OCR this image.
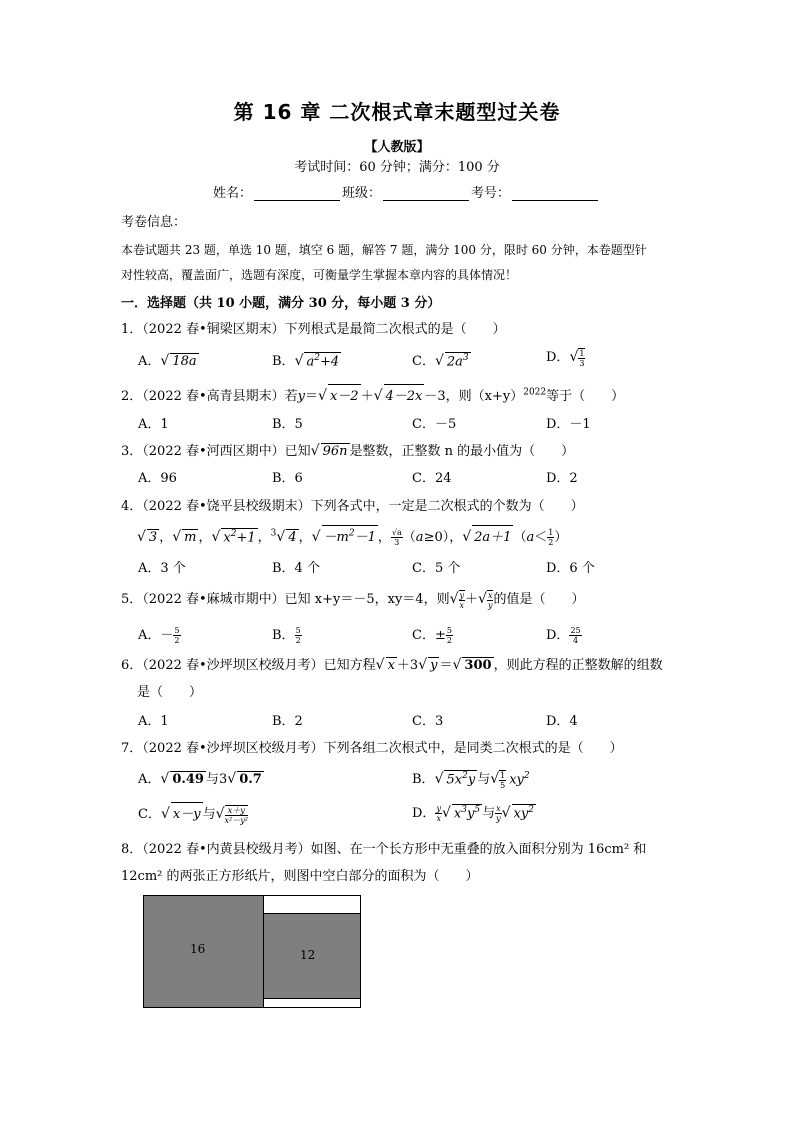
第 16 章 二次根式章末题型过关卷
【人教版】
考试时间：60 分钟；满分：100 分
姓名：	班级：	考号：
考卷信息：
本卷试题共 23 题，单选 10 题，填空 6 题，解答 7 题，满分 100 分，限时 60 分钟，本卷题型针
对性较高，覆盖面广，选题有深度，可衡量学生掌握本章内容的具体情况！
一．选择题（共 10 小题，满分 30 分，每小题 3 分）
1．（2022 春•铜梁区期末）下列根式是最简二次根式的是（　　）
A．√ 18a	B．√ $a^2+4$	C．√ $2a^3$	D．√ $\frac{1}{3}$
2．（2022 春•高青县期末）若y＝√ x－2 ＋√ 4－2x －3，则$(x+y)^{2022}$等于（　　）
A．1	B．5	C．－5	D．－1
3．（2022 春•河西区期中）已知√ 96n 是整数，正整数 n 的最小值为（　　）
A．96	B．6	C．24	D．2
4．（2022 春•饶平县校级期末）下列各式中，一定是二次根式的个数为（　　）
√ 3 ，√ m ，√ $x^2+1$ ，$^3$√ 4 ，√ $-m^2-1$ ， $\frac{√a}{3} (a\ge 0)$，√ 2a＋1 （$a< \frac{1}{2}$ ）
A．3 个	B．4 个	C．5 个	D．6 个
5．（2022 春•麻城市期中）已知 x+y＝－5，xy＝4，则√ $\frac{y}{x}$ ＋√ $\frac{x}{y}$ 的值是（　　）
A．－ $\frac{5}{2}$	B． $\frac{5}{2}$	C．± $\frac{5}{2}$	D． $\frac{25}{4}$
6．（2022 春•沙坪坝区校级月考）已知方程√ x ＋3√ y ＝√ 300 ，则此方程的正整数解的组数
是（　　）
A．1	B．2	C．3	D．4
7．（2022 春•沙坪坝区校级月考）下列各组二次根式中，是同类二次根式的是（　　）
A．√ 0.49 与3√ 0.7	B．√ $5x^2y$ 与√ $\frac{1}{5} xy^2$
C．√ x－y 与√ $\frac{x+y}{\text{x²－y²}}$	D． $\frac{y}{x}$ √ $x^3y^5$ 与 $\frac{x}{y}$ √ $xy^2$
8．（2022 春•内黄县校级月考）如图、在一个长方形中无重叠的放入面积分别为 16cm² 和
12cm² 的两张正方形纸片，则图中空白部分的面积为（　　）
16	12
